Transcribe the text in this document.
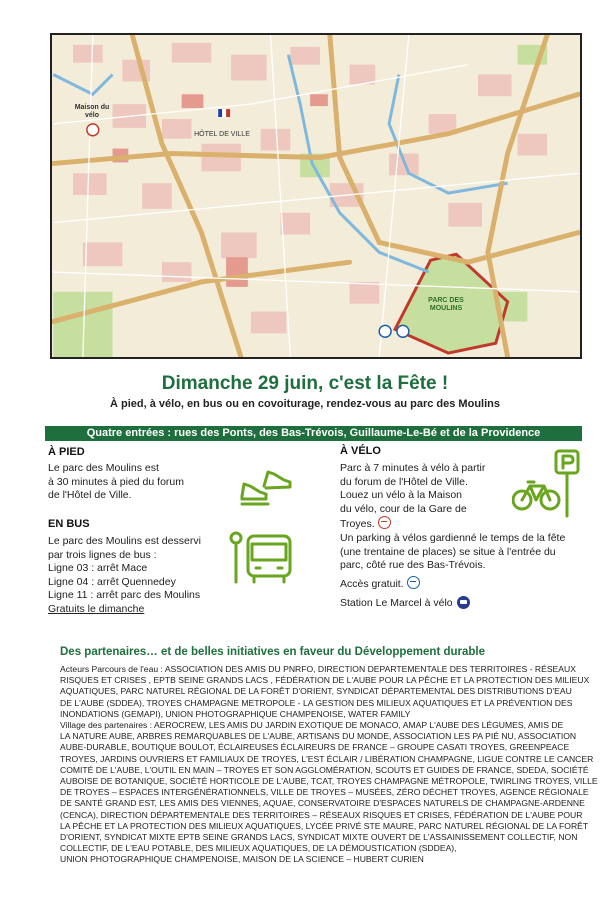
Maison du vélo
HÔTEL DE VILLE
PARC DES MOULINS
Dimanche 29 juin, c'est la Fête !
À pied, à vélo, en bus ou en covoiturage, rendez-vous au parc des Moulins
Quatre entrées : rues des Ponts, des Bas-Trévois, Guillaume-Le-Bé et de la Providence
À PIED
Le parc des Moulins est
à 30 minutes à pied du forum
de l'Hôtel de Ville.
EN BUS
Le parc des Moulins est desservi
par trois lignes de bus :
Ligne 03 : arrêt Mace
Ligne 04 : arrêt Quennedey
Ligne 11 : arrêt parc des Moulins
Gratuits le dimanche
À VÉLO
Parc à 7 minutes à vélo à partir
du forum de l'Hôtel de Ville.
Louez un vélo à la Maison
du vélo, cour de la Gare de
Troyes.
Un parking à vélos gardienné le temps de la fête
(une trentaine de places) se situe à l'entrée du
parc, côté rue des Bas-Trévois.
Accès gratuit.
Station Le Marcel à vélo
Des partenaires… et de belles initiatives en faveur du Développement durable
Acteurs Parcours de l'eau : ASSOCIATION DES AMIS DU PNRFO, DIRECTION DEPARTEMENTALE DES TERRITOIRES - RÉSEAUX
RISQUES ET CRISES , EPTB SEINE GRANDS LACS , FÉDÉRATION DE L'AUBE POUR LA PÊCHE ET LA PROTECTION DES MILIEUX
AQUATIQUES, PARC NATUREL RÉGIONAL DE LA FORÊT D'ORIENT, SYNDICAT DÉPARTEMENTAL DES DISTRIBUTIONS D'EAU
DE L'AUBE (SDDEA), TROYES CHAMPAGNE METROPOLE - LA GESTION DES MILIEUX AQUATIQUES ET LA PRÉVENTION DES
INONDATIONS (GEMAPI), UNION PHOTOGRAPHIQUE CHAMPENOISE, WATER FAMILY
Village des partenaires : AEROCREW, LES AMIS DU JARDIN EXOTIQUE DE MONACO, AMAP L'AUBE DES LÉGUMES, AMIS DE
LA NATURE AUBE, ARBRES REMARQUABLES DE L'AUBE, ARTISANS DU MONDE, ASSOCIATION LES PA PIÉ NU, ASSOCIATION
AUBE-DURABLE, BOUTIQUE BOULOT, ÉCLAIREUSES ÉCLAIREURS DE FRANCE – GROUPE CASATI TROYES, GREENPEACE
TROYES, JARDINS OUVRIERS ET FAMILIAUX DE TROYES, L'EST ÉCLAIR / LIBÉRATION CHAMPAGNE, LIGUE CONTRE LE CANCER
COMITÉ DE L'AUBE, L'OUTIL EN MAIN – TROYES ET SON AGGLOMÉRATION, SCOUTS ET GUIDES DE FRANCE, SDEDA, SOCIÉTÉ
AUBOISE DE BOTANIQUE, SOCIÉTÉ HORTICOLE DE L'AUBE, TCAT, TROYES CHAMPAGNE MÉTROPOLE, TWIRLING TROYES, VILLE
DE TROYES – ESPACES INTERGÉNÉRATIONNELS, VILLE DE TROYES – MUSÉES, ZÉRO DÉCHET TROYES, AGENCE RÉGIONALE
DE SANTÉ GRAND EST, LES AMIS DES VIENNES, AQUAE, CONSERVATOIRE D'ESPACES NATURELS DE CHAMPAGNE-ARDENNE
(CENCA), DIRECTION DÉPARTEMENTALE DES TERRITOIRES – RÉSEAUX RISQUES ET CRISES, FÉDÉRATION DE L'AUBE POUR
LA PÊCHE ET LA PROTECTION DES MILIEUX AQUATIQUES, LYCÉE PRIVÉ STE MAURE, PARC NATUREL RÉGIONAL DE LA FORÊT
D'ORIENT, SYNDICAT MIXTE EPTB SEINE GRANDS LACS, SYNDICAT MIXTE OUVERT DE L'ASSAINISSEMENT COLLECTIF, NON
COLLECTIF, DE L'EAU POTABLE, DES MILIEUX AQUATIQUES, DE LA DÉMOUSTICATION (SDDEA),
UNION PHOTOGRAPHIQUE CHAMPENOISE, MAISON DE LA SCIENCE – HUBERT CURIEN
